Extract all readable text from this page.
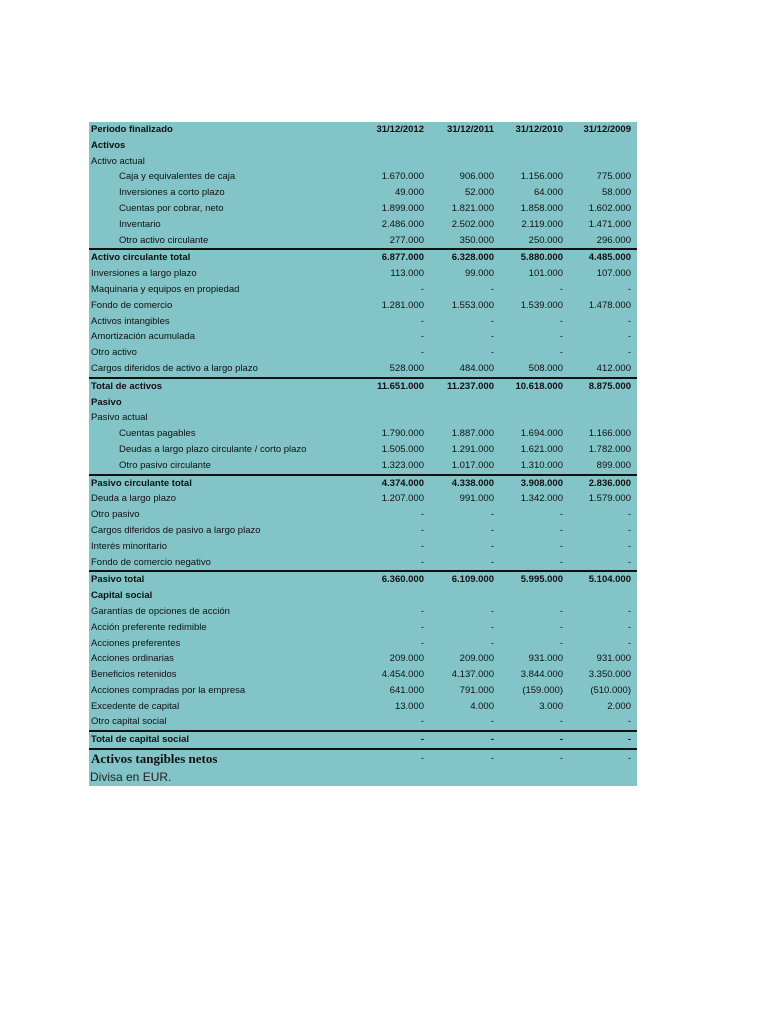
Periodo finalizado	31/12/2012 31/12/2011 31/12/2010 31/12/2009
Activos
Activo actual
Caja y equivalentes de caja	1.670.000	906.000	1.156.000	775.000
Inversiones a corto plazo	49.000	52.000	64.000	58.000
Cuentas por cobrar, neto	1.899.000	1.821.000	1.858.000	1.602.000
Inventario	2.486.000	2.502.000	2.119.000	1.471.000
Otro activo circulante	277.000	350.000	250.000	296.000
Activo circulante total	6.877.000	6.328.000	5.880.000	4.485.000
Inversiones a largo plazo	113.000	99.000	101.000	107.000
Maquinaria y equipos en propiedad	-	-	-	-
Fondo de comercio	1.281.000	1.553.000	1.539.000	1.478.000
Activos intangibles	-	-	-	-
Amortización acumulada	-	-	-	-
Otro activo	-	-	-	-
Cargos diferidos de activo a largo plazo	528.000	484.000	508.000	412.000
Total de activos	11.651.000 11.237.000 10.618.000	8.875.000
Pasivo
Pasivo actual
Cuentas pagables	1.790.000	1.887.000	1.694.000	1.166.000
Deudas a largo plazo circulante / corto plazo	1.505.000	1.291.000	1.621.000	1.782.000
Otro pasivo circulante	1.323.000	1.017.000	1.310.000	899.000
Pasivo circulante total	4.374.000	4.338.000	3.908.000	2.836.000
Deuda a largo plazo	1.207.000	991.000	1.342.000	1.579.000
Otro pasivo	-	-	-	-
Cargos diferidos de pasivo a largo plazo	-	-	-	-
Interés minoritario	-	-	-	-
Fondo de comercio negativo	-	-	-	-
Pasivo total	6.360.000	6.109.000	5.995.000	5.104.000
Capital social
Garantías de opciones de acción	-	-	-	-
Acción preferente redimible	-	-	-	-
Acciones preferentes	-	-	-	-
Acciones ordinarias	209.000	209.000	931.000	931.000
Beneficios retenidos	4.454.000	4.137.000	3.844.000	3.350.000
Acciones compradas por la empresa	641.000	791.000	(159.000)	(510.000)
Excedente de capital	13.000	4.000	3.000	2.000
Otro capital social	-	-	-	-
Total de capital social	-	-	-	-
Activos tangibles netos	-	-	-	-
Divisa en EUR.
